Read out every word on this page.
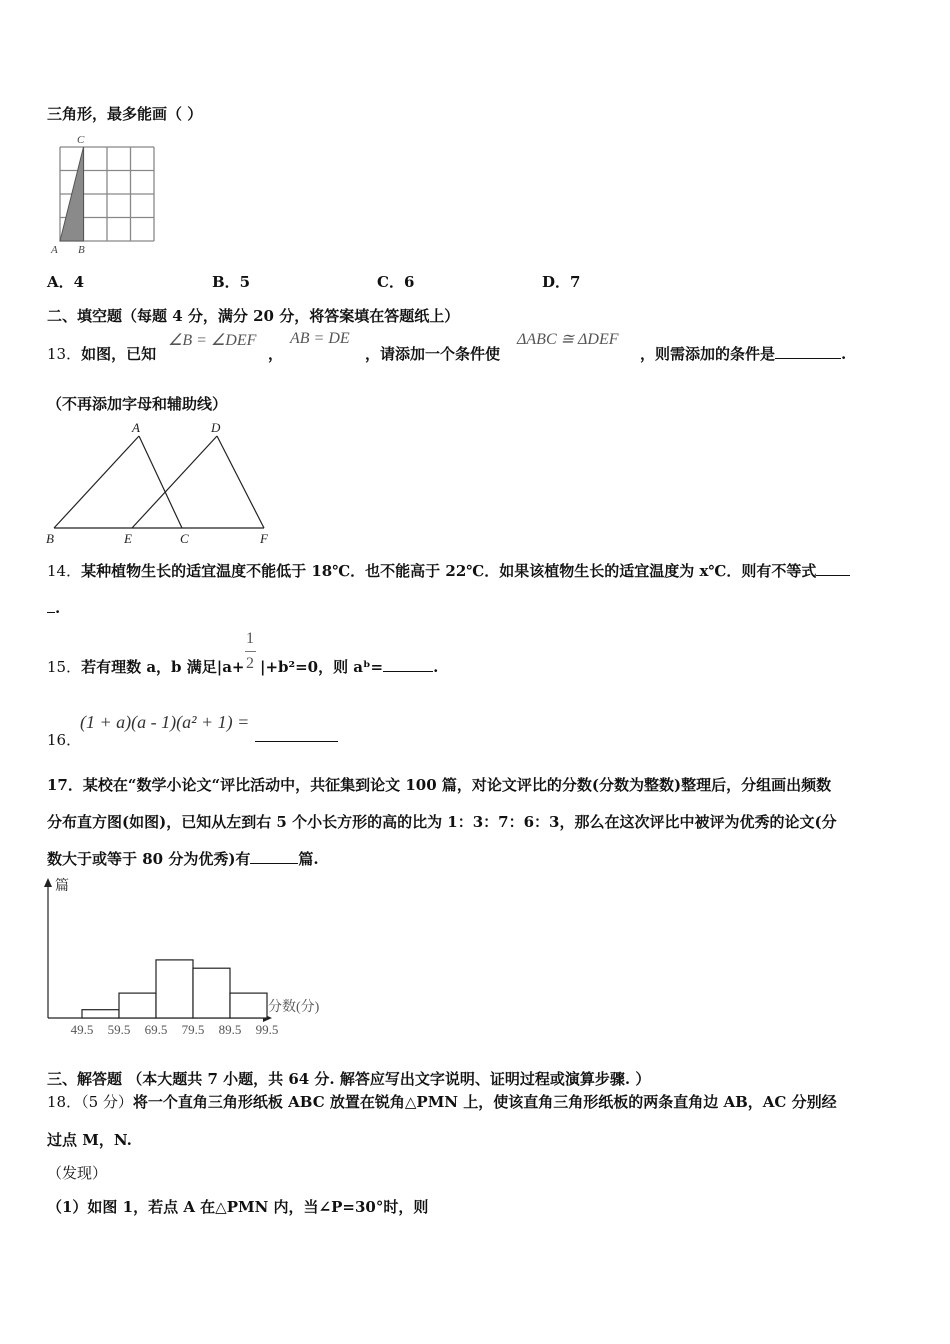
三角形，最多能画（ ）
C
A B
A．4	B．5	C．6	D．7
二、填空题（每题 4 分，满分 20 分，将答案填在答题纸上）
13．如图，已知
∠B = ∠DEF
，
AB = DE
，请添加一个条件使
ΔABC ≅ ΔDEF
，则需添加的条件是	.
（不再添加字母和辅助线）
A	D
B	E	C	F
14．某种植物生长的适宜温度不能低于 18℃．也不能高于 22℃．如果该植物生长的适宜温度为 x℃．则有不等式
.
15．若有理数 a，b 满足|a+
1
2 |+b²=0，则 aᵇ=	.
16．
(1 + a)(a - 1)(a² + 1) =
17．某校在“数学小论文“评比活动中，共征集到论文 100 篇，对论文评比的分数(分数为整数)整理后，分组画出频数
分布直方图(如图)，已知从左到右 5 个小长方形的高的比为 1：3：7：6：3，那么在这次评比中被评为优秀的论文(分
数大于或等于 80 分为优秀)有	篇.
篇
分数(分)
49.5 59.5 69.5 79.5 89.5 99.5
三、解答题 （本大题共 7 小题，共 64 分. 解答应写出文字说明、证明过程或演算步骤. ）
18．（5 分）将一个直角三角形纸板 ABC 放置在锐角△PMN 上，使该直角三角形纸板的两条直角边 AB，AC 分别经
过点 M，N.
（发现）
（1）如图 1，若点 A 在△PMN 内，当∠P=30°时，则
